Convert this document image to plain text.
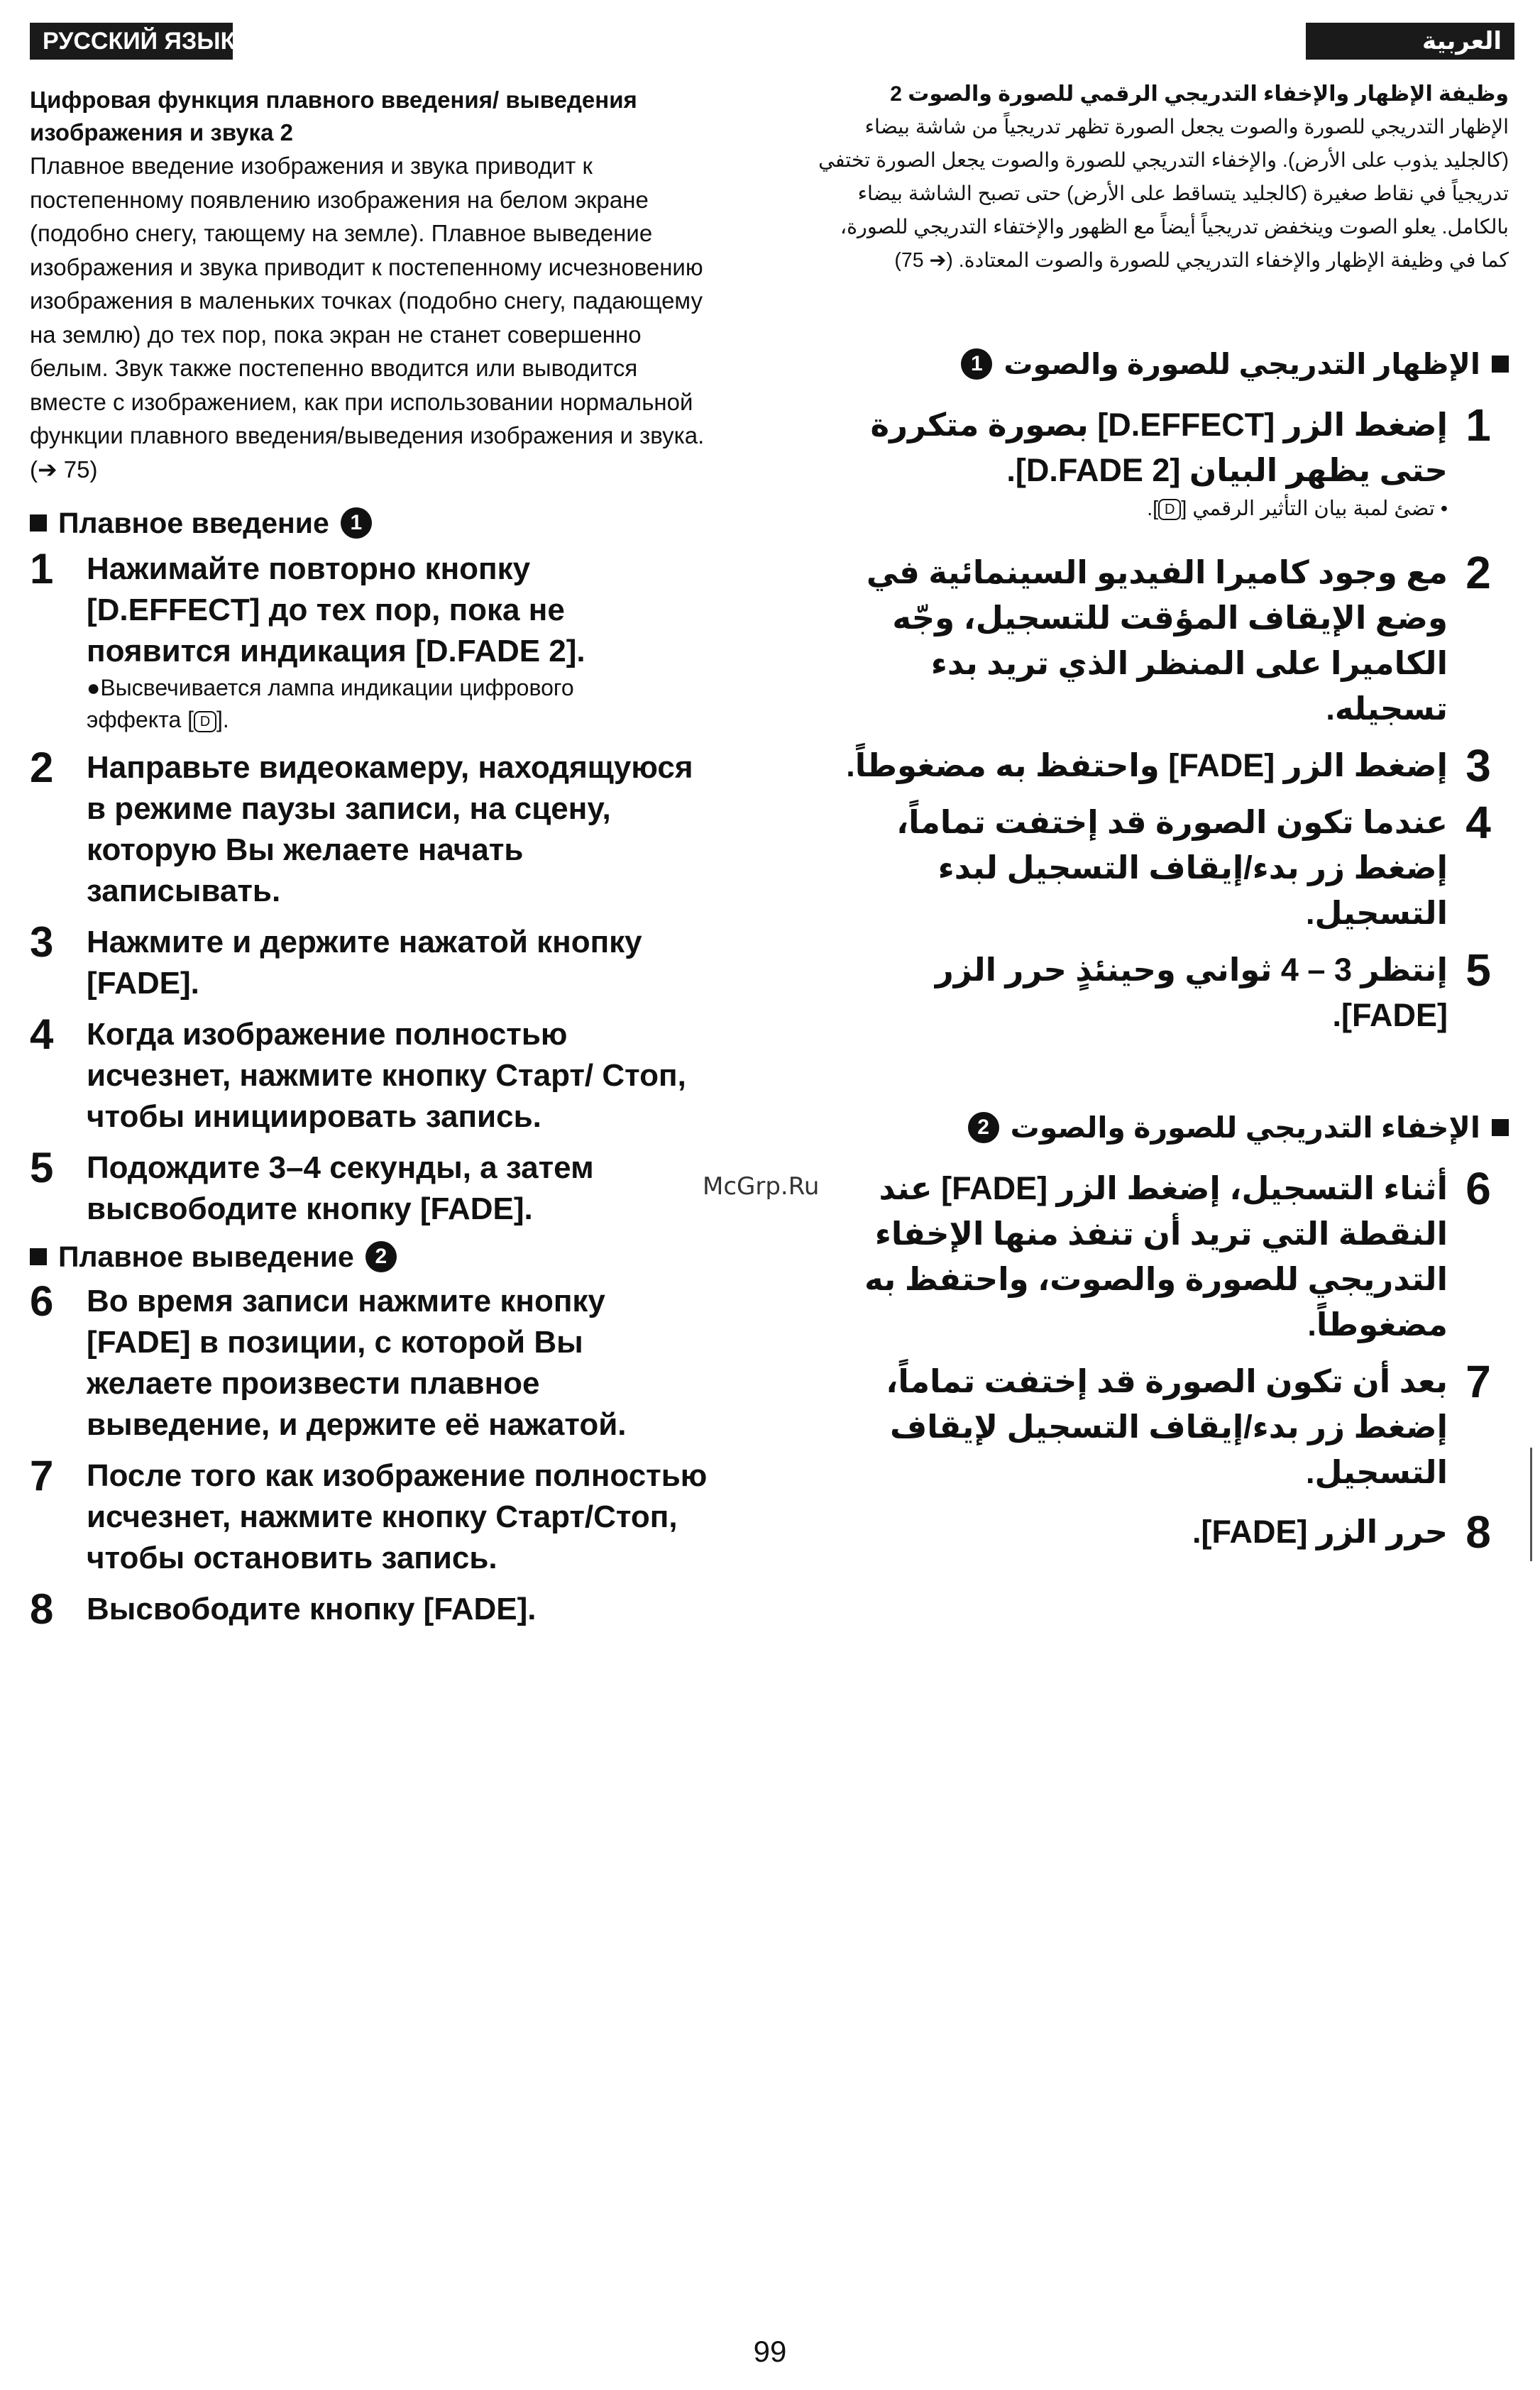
РУССКИЙ ЯЗЫК	العربية

Цифровая функция плавного введения/ выведения изображения и звука 2

Плавное введение изображения и звука приводит к постепенному появлению изображения на белом экране (подобно снегу, тающему на земле). Плавное выведение изображения и звука приводит к постепенному исчезновению изображения в маленьких точках (подобно снегу, падающему на землю) до тех пор, пока экран не станет совершенно белым. Звук также постепенно вводится или выводится вместе с изображением, как при использовании нормальной функции плавного введения/выведения изображения и звука. (➔ 75)

Плавное введение 1
1	Нажимайте повторно кнопку [D.EFFECT] до тех пор, пока не появится индикация [D.FADE 2].
●Высвечивается лампа индикации цифрового
эффекта [ D ].
2	Направьте видеокамеру, находящуюся в режиме паузы записи, на сцену, которую Вы желаете начать записывать.
3	Нажмите и держите нажатой кнопку [FADE].
4	Когда изображение полностью исчезнет, нажмите кнопку Старт/ Стоп, чтобы инициировать запись.
5	Подождите 3–4 секунды, а затем высвободите кнопку [FADE].
Плавное выведение 2
6	Во время записи нажмите кнопку [FADE] в позиции, с которой Вы желаете произвести плавное выведение, и держите её нажатой.
7	После того как изображение полностью исчезнет, нажмите кнопку Старт/Стоп, чтобы остановить запись.
8	Высвободите кнопку [FADE].

وظيفة الإظهار والإخفاء التدريجي الرقمي للصورة والصوت 2

الإظهار التدريجي للصورة والصوت يجعل الصورة تظهر تدريجياً من شاشة بيضاء (كالجليد يذوب على الأرض). والإخفاء التدريجي للصورة والصوت يجعل الصورة تختفي تدريجياً في نقاط صغيرة (كالجليد يتساقط على الأرض) حتى تصبح الشاشة بيضاء بالكامل. يعلو الصوت وينخفض تدريجياً أيضاً مع الظهور والإختفاء التدريجي للصورة، كما في وظيفة الإظهار والإخفاء التدريجي للصورة والصوت المعتادة. (➔ 75)

الإظهار التدريجي للصورة والصوت
1
1
إضغط الزر [D.EFFECT] بصورة متكررة حتى يظهر البيان [D.FADE 2].
• تضئ لمبة بيان التأثير الرقمي [D].
2
مع وجود كاميرا الفيديو السينمائية في وضع الإيقاف المؤقت للتسجيل، وجّه الكاميرا على المنظر الذي تريد بدء تسجيله.
3
إضغط الزر [FADE] واحتفظ به مضغوطاً.
4
عندما تكون الصورة قد إختفت تماماً، إضغط زر بدء/إيقاف التسجيل لبدء التسجيل.
5
إنتظر 3 – 4 ثواني وحينئذٍ حرر الزر [FADE].
الإخفاء التدريجي للصورة والصوت
2
6
أثناء التسجيل، إضغط الزر [FADE] عند النقطة التي تريد أن تنفذ منها الإخفاء التدريجي للصورة والصوت، واحتفظ به مضغوطاً.
7
بعد أن تكون الصورة قد إختفت تماماً، إضغط زر بدء/إيقاف التسجيل لإيقاف التسجيل.
8
حرر الزر [FADE].
McGrp.Ru
99
